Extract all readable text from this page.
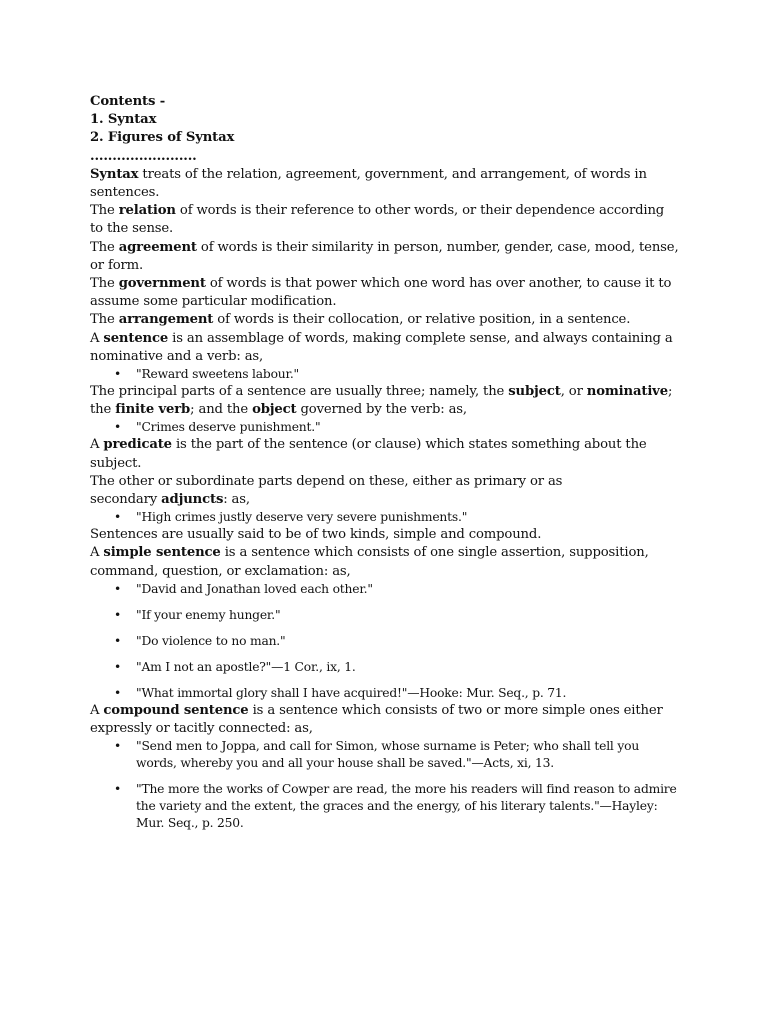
Contents -

1. Syntax

2. Figures of Syntax

........................

Syntax treats of the relation, agreement, government, and arrangement, of words in sentences.

The relation of words is their reference to other words, or their dependence according to the sense.

The agreement of words is their similarity in person, number, gender, case, mood, tense, or form.

The government of words is that power which one word has over another, to cause it to assume some particular modification.

The arrangement of words is their collocation, or relative position, in a sentence.

A sentence is an assemblage of words, making complete sense, and always containing a nominative and a verb: as,

• "Reward sweetens labour."

The principal parts of a sentence are usually three; namely, the subject, or nominative; the finite verb; and the object governed by the verb: as,

• "Crimes deserve punishment."

A predicate is the part of the sentence (or clause) which states something about the subject.

The other or subordinate parts depend on these, either as primary or as

secondary adjuncts: as,

• "High crimes justly deserve very severe punishments."

Sentences are usually said to be of two kinds, simple and compound.

A simple sentence is a sentence which consists of one single assertion, supposition, command, question, or exclamation: as,

• "David and Jonathan loved each other."
• "If your enemy hunger."
• "Do violence to no man."
• "Am I not an apostle?"—1 Cor., ix, 1.
• "What immortal glory shall I have acquired!"—Hooke: Mur. Seq., p. 71.

A compound sentence is a sentence which consists of two or more simple ones either expressly or tacitly connected: as,

• "Send men to Joppa, and call for Simon, whose surname is Peter; who shall tell you words, whereby you and all your house shall be saved."—Acts, xi, 13.
• "The more the works of Cowper are read, the more his readers will find reason to admire the variety and the extent, the graces and the energy, of his literary talents."—Hayley: Mur. Seq., p. 250.
